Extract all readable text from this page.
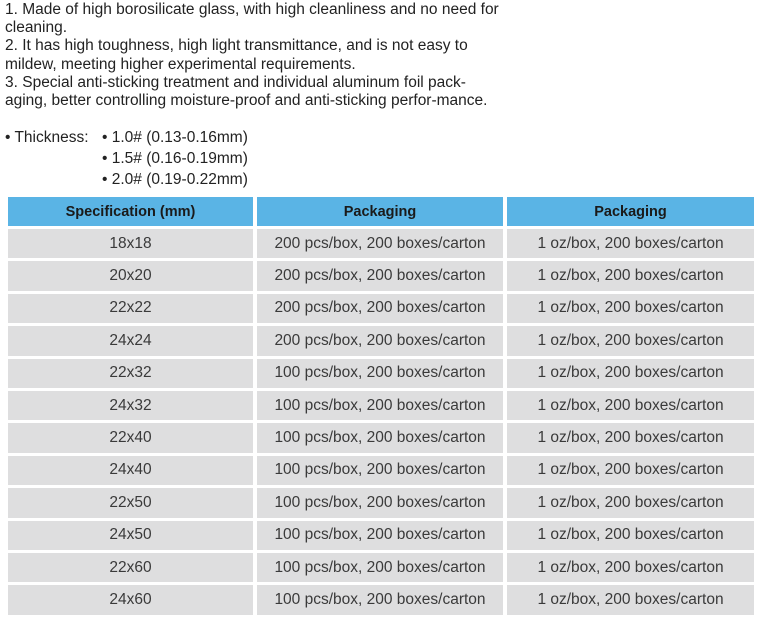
1. Made of high borosilicate glass, with high cleanliness and no need for cleaning.

2. It has high toughness, high light transmittance, and is not easy to mildew, meeting higher experimental requirements.

3. Special anti-sticking treatment and individual aluminum foil pack-aging, better controlling moisture-proof and anti-sticking perfor-mance.

• Thickness: • 1.0# (0.13-0.16mm)
• 1.5# (0.16-0.19mm)
• 2.0# (0.19-0.22mm)
Specification (mm)	Packaging	Packaging
18x18	200 pcs/box, 200 boxes/carton	1 oz/box, 200 boxes/carton
20x20	200 pcs/box, 200 boxes/carton	1 oz/box, 200 boxes/carton
22x22	200 pcs/box, 200 boxes/carton	1 oz/box, 200 boxes/carton
24x24	200 pcs/box, 200 boxes/carton	1 oz/box, 200 boxes/carton
22x32	100 pcs/box, 200 boxes/carton	1 oz/box, 200 boxes/carton
24x32	100 pcs/box, 200 boxes/carton	1 oz/box, 200 boxes/carton
22x40	100 pcs/box, 200 boxes/carton	1 oz/box, 200 boxes/carton
24x40	100 pcs/box, 200 boxes/carton	1 oz/box, 200 boxes/carton
22x50	100 pcs/box, 200 boxes/carton	1 oz/box, 200 boxes/carton
24x50	100 pcs/box, 200 boxes/carton	1 oz/box, 200 boxes/carton
22x60	100 pcs/box, 200 boxes/carton	1 oz/box, 200 boxes/carton
24x60	100 pcs/box, 200 boxes/carton	1 oz/box, 200 boxes/carton
